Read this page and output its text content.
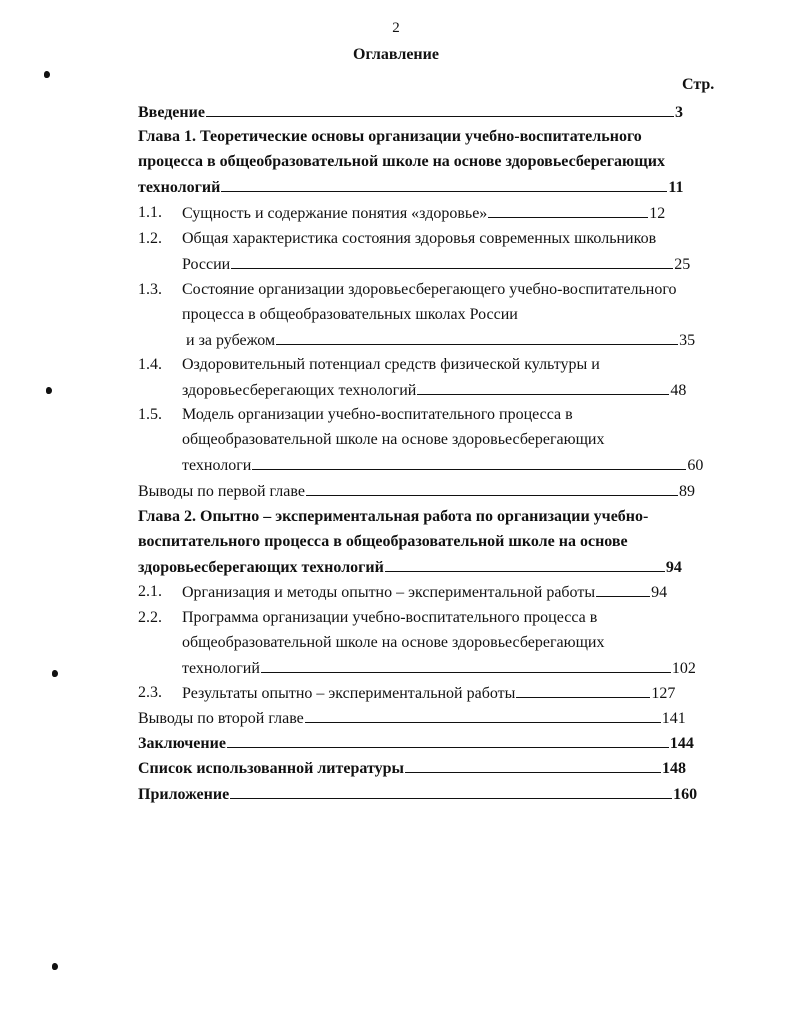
2
Оглавление
Стр.
Введение	3
Глава 1. Теоретические основы организации учебно-воспитательного
процесса в общеобразовательной школе на основе здоровьесберегающих
технологий	11
1.1. Сущность и содержание понятия «здоровье»	12
1.2. Общая характеристика состояния здоровья современных школьников
России	25
1.3. Состояние организации здоровьесберегающего учебно-воспитательного
процесса в общеобразовательных школах России
и за рубежом	35
1.4. Оздоровительный потенциал средств физической культуры и
здоровьесберегающих технологий	48
1.5. Модель организации учебно-воспитательного процесса в
общеобразовательной школе на основе здоровьесберегающих
технологи	60
Выводы по первой главе	89
Глава 2. Опытно – экспериментальная работа по организации учебно-
воспитательного процесса в общеобразовательной школе на основе
здоровьесберегающих технологий	94
2.1. Организация и методы опытно – экспериментальной работы	94
2.2. Программа организации учебно-воспитательного процесса в
общеобразовательной школе на основе здоровьесберегающих
технологий	102
2.3. Результаты опытно – экспериментальной работы	127
Выводы по второй главе	141
Заключение	144
Список использованной литературы	148
Приложение	160
